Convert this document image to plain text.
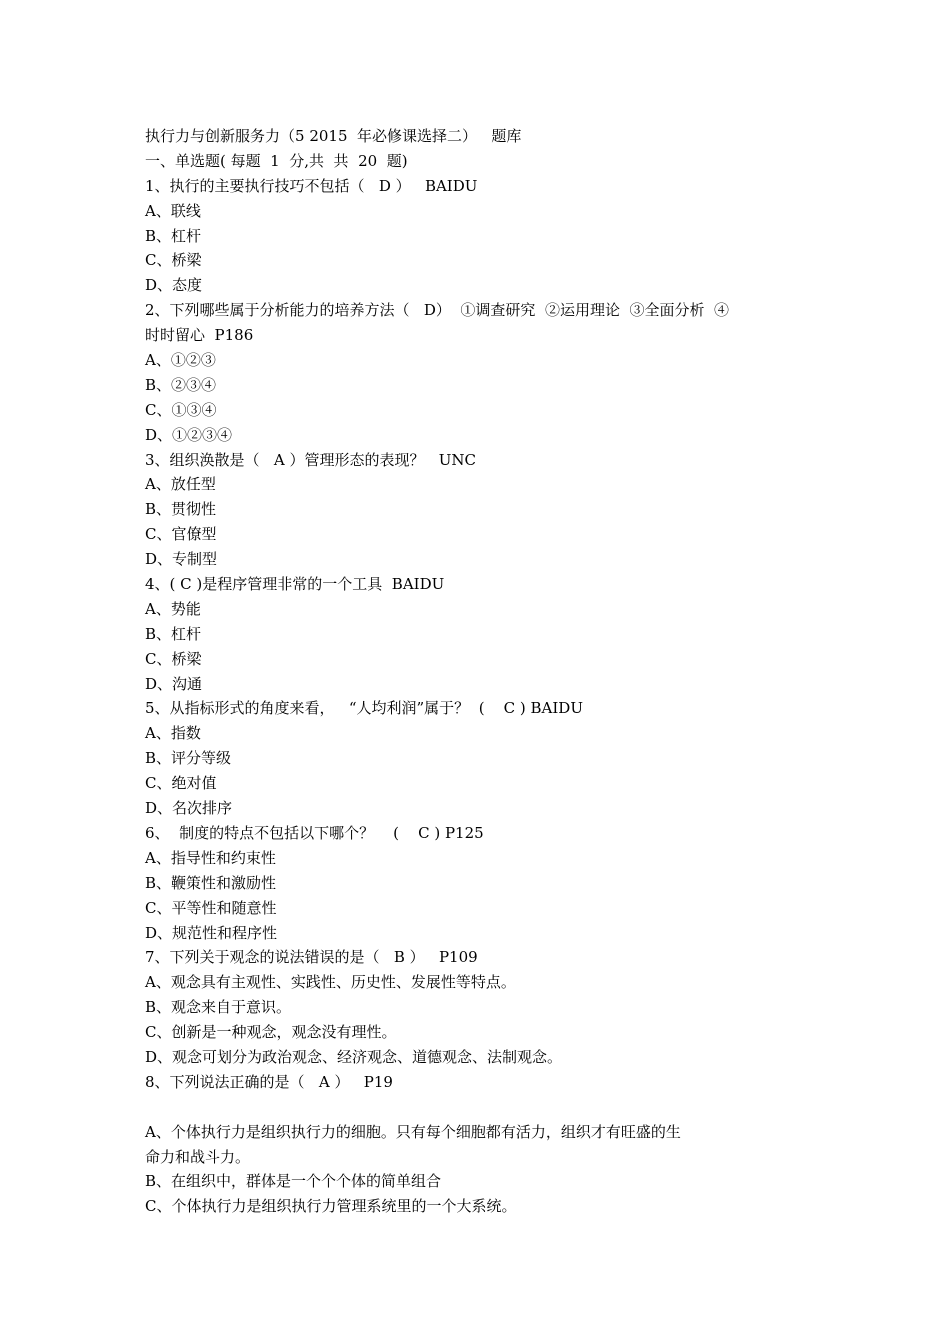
执行力与创新服务力（5 2015  年必修课选择二）   题库

一、单选题( 每题  1  分,共  共  20  题)

1、执行的主要执行技巧不包括（   D ）   BAIDU

A、联线

B、杠杆

C、桥梁

D、态度

2、下列哪些属于分析能力的培养方法（   D）  ①调查研究  ②运用理论  ③全面分析  ④

时时留心  P186

A、①②③

B、②③④

C、①③④

D、①②③④

3、组织涣散是（   A ）管理形态的表现？   UNC

A、放任型

B、贯彻性

C、官僚型

D、专制型

4、( C )是程序管理非常的一个工具  BAIDU

A、势能

B、杠杆

C、桥梁

D、沟通

5、从指标形式的角度来看，   “人均利润”属于？  (    C ) BAIDU

A、指数

B、评分等级

C、绝对值

D、名次排序

6、  制度的特点不包括以下哪个？    (    C ) P125

A、指导性和约束性

B、鞭策性和激励性

C、平等性和随意性

D、规范性和程序性

7、下列关于观念的说法错误的是（   B ）   P109

A、观念具有主观性、实践性、历史性、发展性等特点。

B、观念来自于意识。

C、创新是一种观念，观念没有理性。

D、观念可划分为政治观念、经济观念、道德观念、法制观念。

8、下列说法正确的是（   A ）   P19

A、个体执行力是组织执行力的细胞。只有每个细胞都有活力，组织才有旺盛的生

命力和战斗力。

B、在组织中，群体是一个个个体的简单组合

C、个体执行力是组织执行力管理系统里的一个大系统。
